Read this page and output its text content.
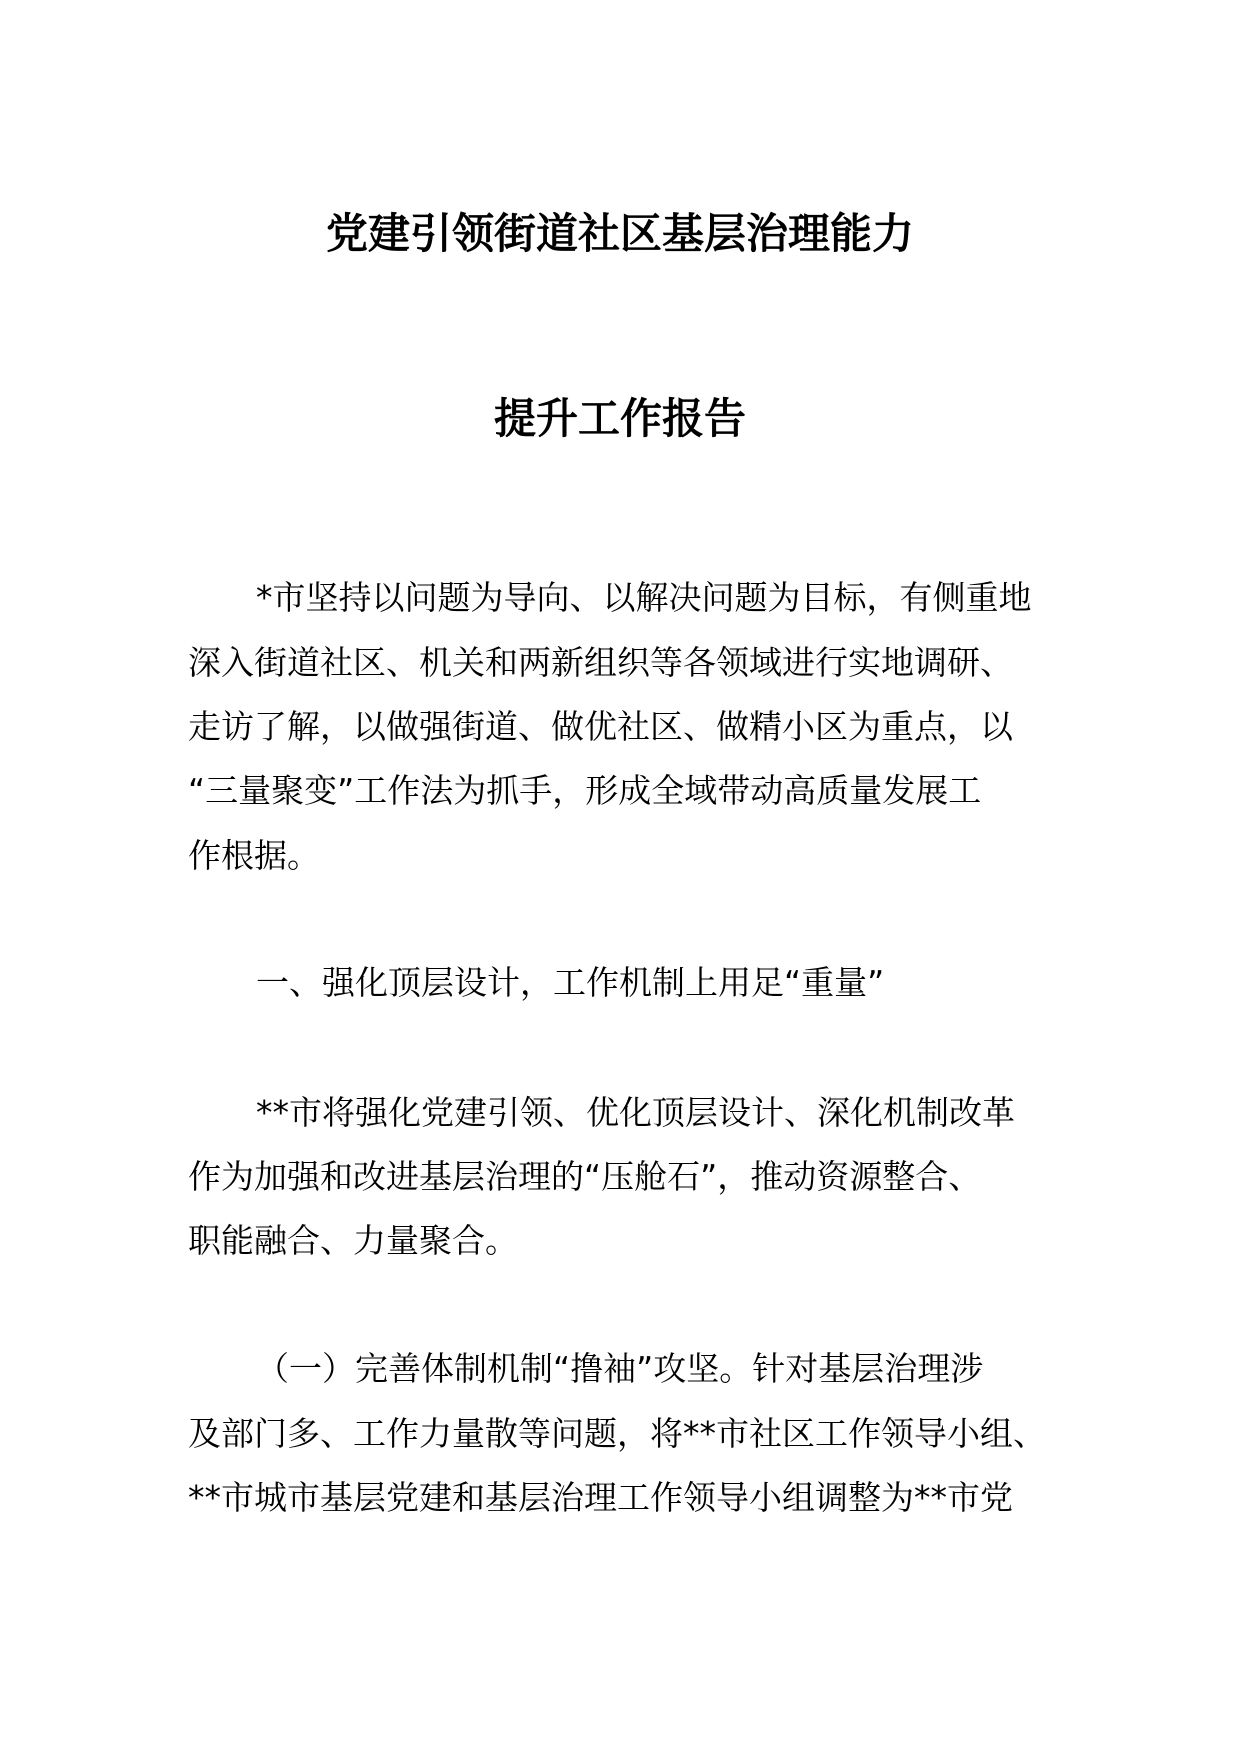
党建引领街道社区基层治理能力
提升工作报告
*市坚持以问题为导向、以解决问题为目标，有侧重地
深入街道社区、机关和两新组织等各领域进行实地调研、
走访了解，以做强街道、做优社区、做精小区为重点，以
“三量聚变”工作法为抓手，形成全域带动高质量发展工
作根据。
一、强化顶层设计，工作机制上用足“重量”
**市将强化党建引领、优化顶层设计、深化机制改革
作为加强和改进基层治理的“压舱石”，推动资源整合、
职能融合、力量聚合。
（一）完善体制机制“撸袖”攻坚。针对基层治理涉
及部门多、工作力量散等问题，将**市社区工作领导小组、
**市城市基层党建和基层治理工作领导小组调整为**市党
